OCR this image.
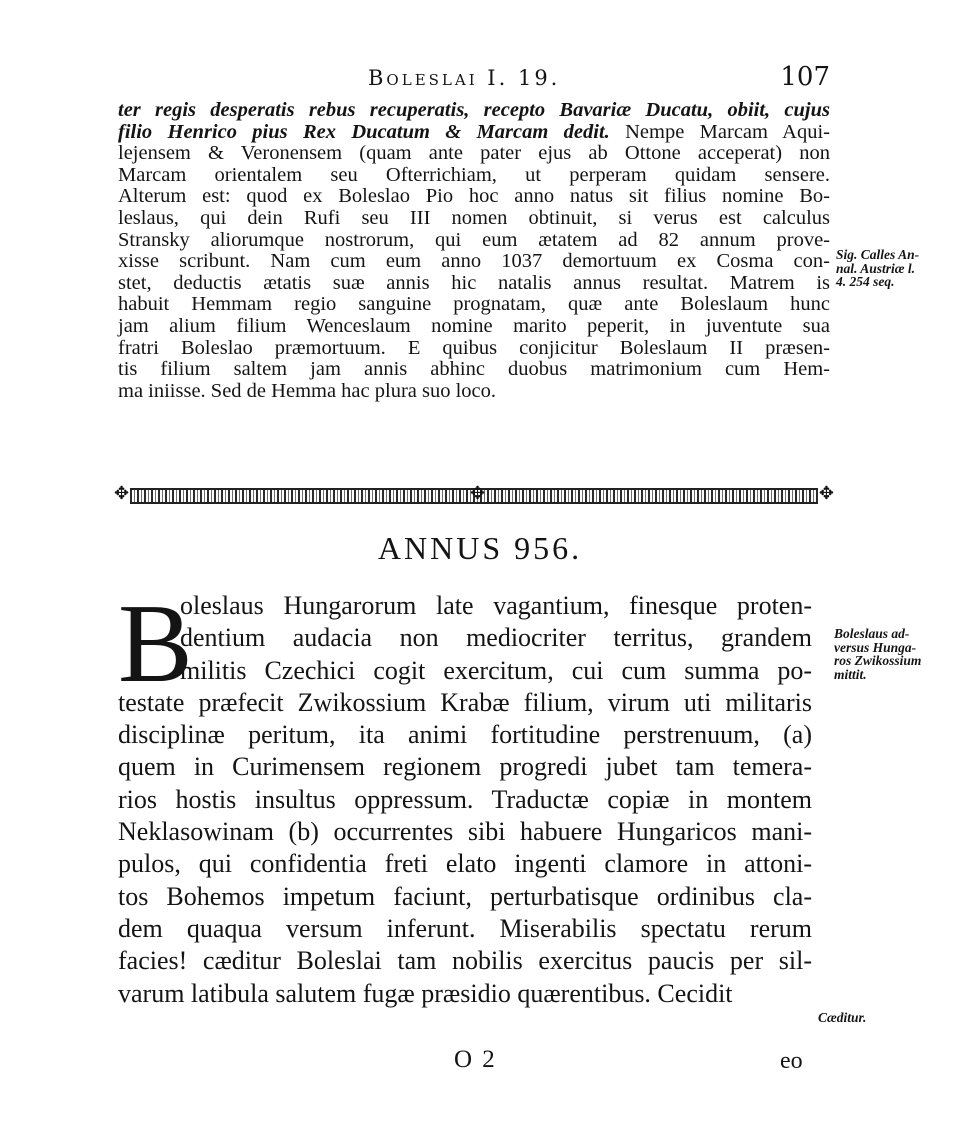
Boleslai I. 19.	107
ter regis desperatis rebus recuperatis, recepto Bavariæ Ducatu, obiit, cujus
filio Henrico pius Rex Ducatum & Marcam dedit. Nempe Marcam Aqui-
lejensem & Veronensem (quam ante pater ejus ab Ottone acceperat) non
Marcam orientalem seu Ofterrichiam, ut perperam quidam sensere.
Alterum est: quod ex Boleslao Pio hoc anno natus sit filius nomine Bo-
leslaus, qui dein Rufi seu III nomen obtinuit, si verus est calculus
Stransky aliorumque nostrorum, qui eum ætatem ad 82 annum prove-
xisse scribunt. Nam cum eum anno 1037 demortuum ex Cosma con-
stet, deductis ætatis suæ annis hic natalis annus resultat. Matrem is
habuit Hemmam regio sanguine prognatam, quæ ante Boleslaum hunc
jam alium filium Wenceslaum nomine marito peperit, in juventute sua
fratri Boleslao præmortuum. E quibus conjicitur Boleslaum II præsen-
tis filium saltem jam annis abhinc duobus matrimonium cum Hem-
ma iniisse. Sed de Hemma hac plura suo loco.
Sig. Calles An-
nal. Austriæ l.
4. 254 seq.
✥	✥	✥
ANNUS 956.
B
oleslaus Hungarorum late vagantium, finesque proten-
dentium audacia non mediocriter territus, grandem
militis Czechici cogit exercitum, cui cum summa po-
testate præfecit Zwikossium Krabæ filium, virum uti militaris
disciplinæ peritum, ita animi fortitudine perstrenuum, (a)
quem in Curimensem regionem progredi jubet tam temera-
rios hostis insultus oppressum. Traductæ copiæ in montem
Neklasowinam (b) occurrentes sibi habuere Hungaricos mani-
pulos, qui confidentia freti elato ingenti clamore in attoni-
tos Bohemos impetum faciunt, perturbatisque ordinibus cla-
dem quaqua versum inferunt. Miserabilis spectatu rerum
facies! cæditur Boleslai tam nobilis exercitus paucis per sil-
varum latibula salutem fugæ præsidio quærentibus. Cecidit
Boleslaus ad-
versus Hunga-
ros Zwikossium
mittit.
Cæditur.
O 2	eo
